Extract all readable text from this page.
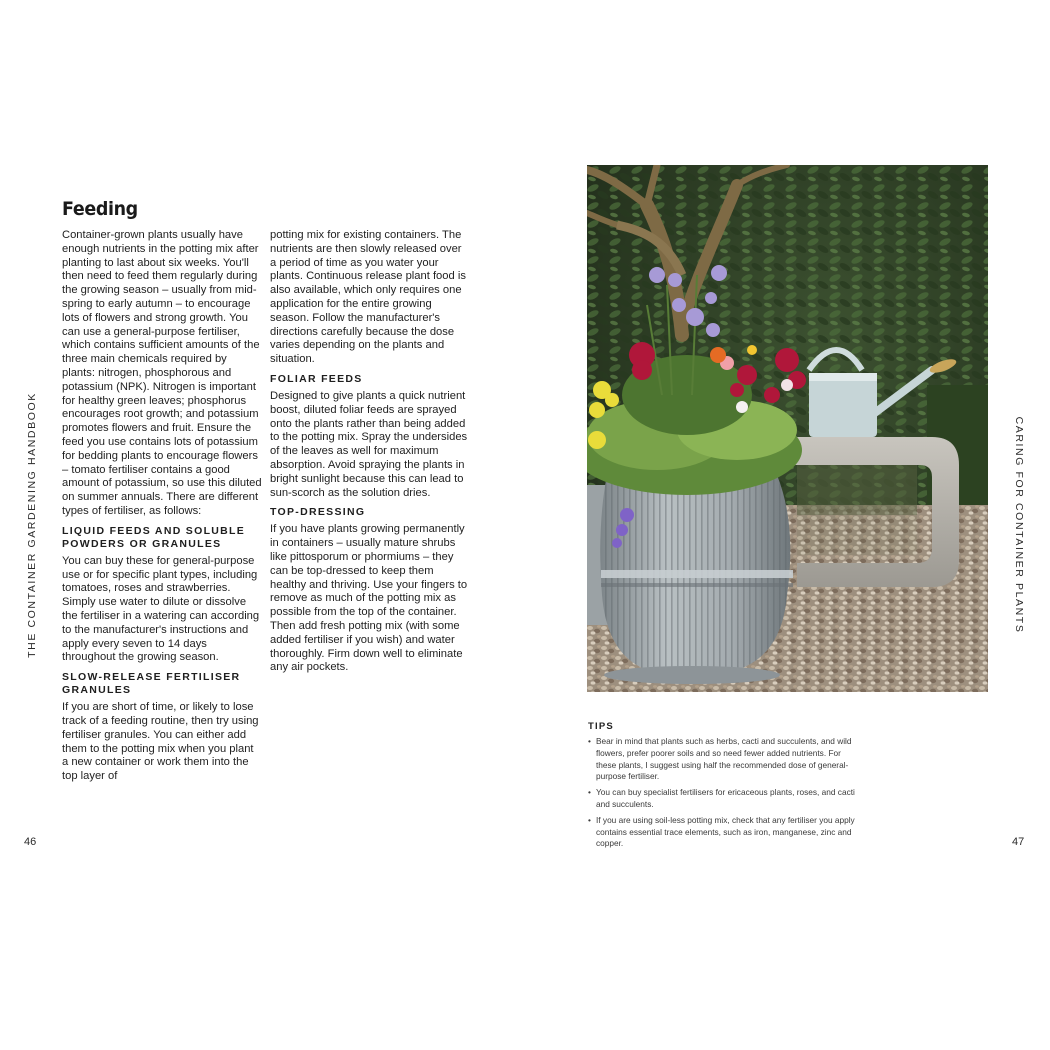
THE CONTAINER GARDENING HANDBOOK
Feeding

Container-grown plants usually have enough nutrients in the potting mix after planting to last about six weeks. You'll then need to feed them regularly during the growing season – usually from mid-spring to early autumn – to encourage lots of flowers and strong growth. You can use a general-purpose fertiliser, which contains sufficient amounts of the three main chemicals required by plants: nitrogen, phosphorous and potassium (NPK). Nitrogen is important for healthy green leaves; phosphorus encourages root growth; and potassium promotes flowers and fruit. Ensure the feed you use contains lots of potassium for bedding plants to encourage flowers – tomato fertiliser contains a good amount of potassium, so use this diluted on summer annuals. There are different types of fertiliser, as follows:

LIQUID FEEDS AND SOLUBLE POWDERS OR GRANULES

You can buy these for general-purpose use or for specific plant types, including tomatoes, roses and strawberries. Simply use water to dilute or dissolve the fertiliser in a watering can according to the manufacturer's instructions and apply every seven to 14 days throughout the growing season.

SLOW-RELEASE FERTILISER GRANULES

If you are short of time, or likely to lose track of a feeding routine, then try using fertiliser granules. You can either add them to the potting mix when you plant a new container or work them into the top layer of

potting mix for existing containers. The nutrients are then slowly released over a period of time as you water your plants. Continuous release plant food is also available, which only requires one application for the entire growing season. Follow the manufacturer's directions carefully because the dose varies depending on the plants and situation.

FOLIAR FEEDS

Designed to give plants a quick nutrient boost, diluted foliar feeds are sprayed onto the plants rather than being added to the potting mix. Spray the undersides of the leaves as well for maximum absorption. Avoid spraying the plants in bright sunlight because this can lead to sun-scorch as the solution dries.

TOP-DRESSING

If you have plants growing permanently in containers – usually mature shrubs like pittosporum or phormiums – they can be top-dressed to keep them healthy and thriving. Use your fingers to remove as much of the potting mix as possible from the top of the container. Then add fresh potting mix (with some added fertiliser if you wish) and water thoroughly. Firm down well to eliminate any air pockets.

46
TIPS
• Bear in mind that plants such as herbs, cacti and succulents, and wild flowers, prefer poorer soils and so need fewer added nutrients. For these plants, I suggest using half the recommended dose of general-purpose fertiliser.
• You can buy specialist fertilisers for ericaceous plants, roses, and cacti and succulents.
• If you are using soil-less potting mix, check that any fertiliser you apply contains essential trace elements, such as iron, manganese, zinc and copper.
CARING FOR CONTAINER PLANTS
47
